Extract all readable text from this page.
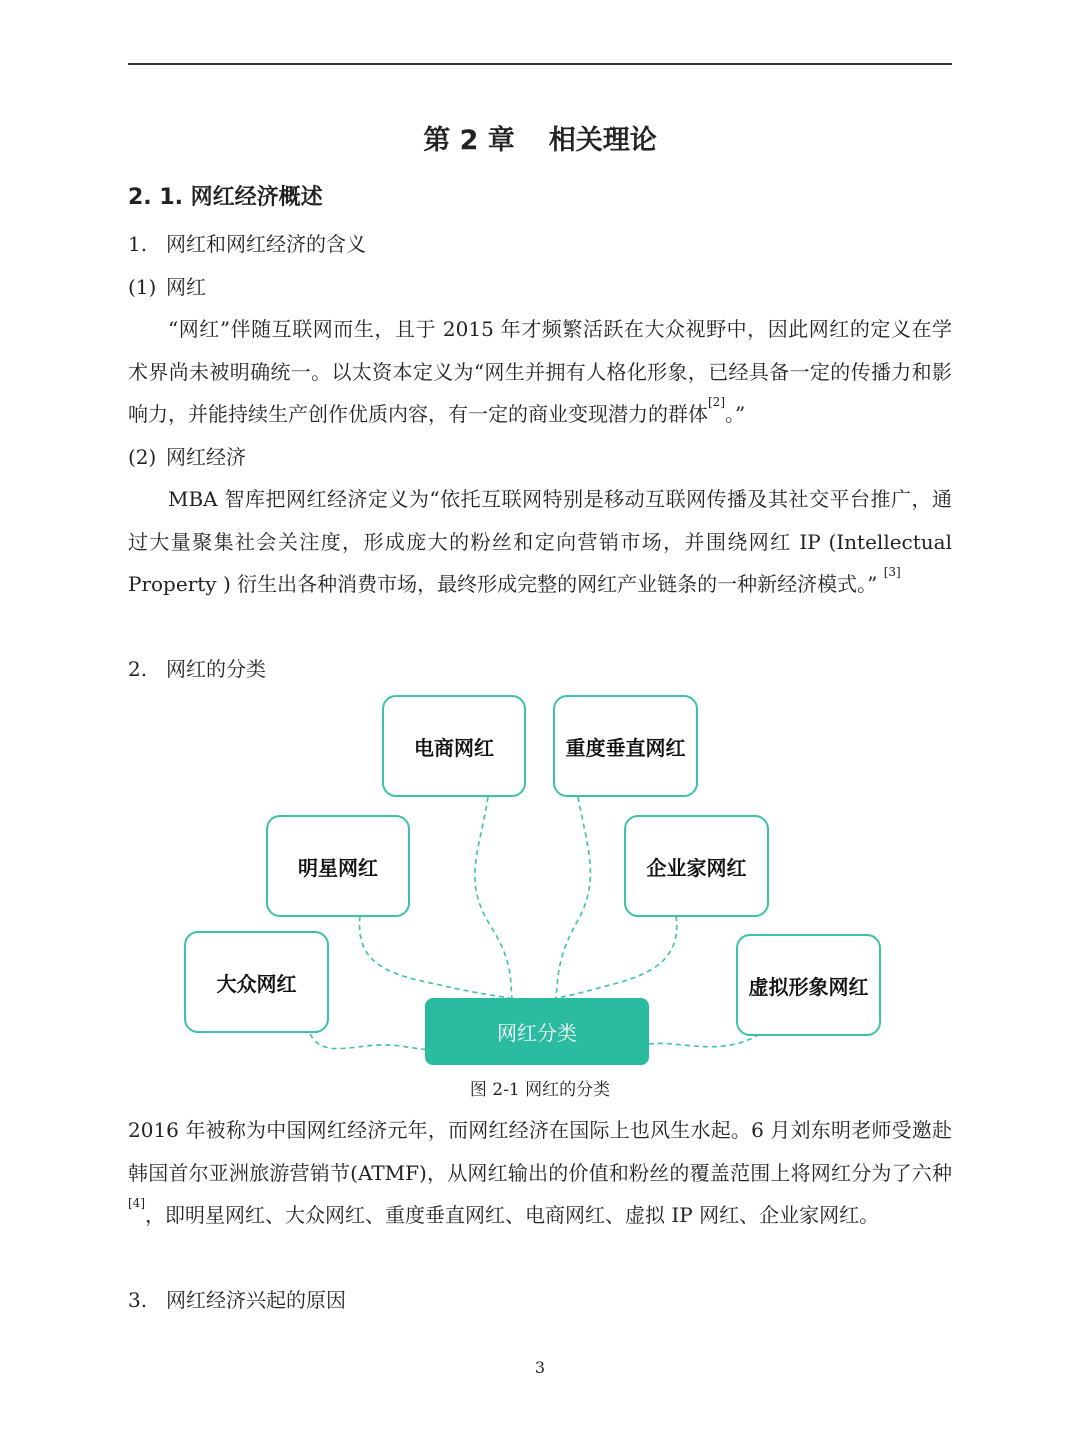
第 2 章 相关理论
2. 1. 网红经济概述
1. 网红和网红经济的含义
(1) 网红
“网红”伴随互联网而生，且于 2015 年才频繁活跃在大众视野中，因此网红的定义在学术界尚未被明确统一。以太资本定义为“网生并拥有人格化形象，已经具备一定的传播力和影响力，并能持续生产创作优质内容，有一定的商业变现潜力的群体[2]。”
(2) 网红经济
MBA 智库把网红经济定义为“依托互联网特别是移动互联网传播及其社交平台推广，通过大量聚集社会关注度，形成庞大的粉丝和定向营销市场，并围绕网红 IP (Intellectual Property ) 衍生出各种消费市场，最终形成完整的网红产业链条的一种新经济模式。” [3]
2. 网红的分类
电商网红	重度垂直网红
明星网红	企业家网红
大众网红	虚拟形象网红
网红分类
图 2-1 网红的分类
2016 年被称为中国网红经济元年，而网红经济在国际上也风生水起。6 月刘东明老师受邀赴韩国首尔亚洲旅游营销节(ATMF)，从网红输出的价值和粉丝的覆盖范围上将网红分为了六种[4]，即明星网红、大众网红、重度垂直网红、电商网红、虚拟 IP 网红、企业家网红。
3. 网红经济兴起的原因
3
